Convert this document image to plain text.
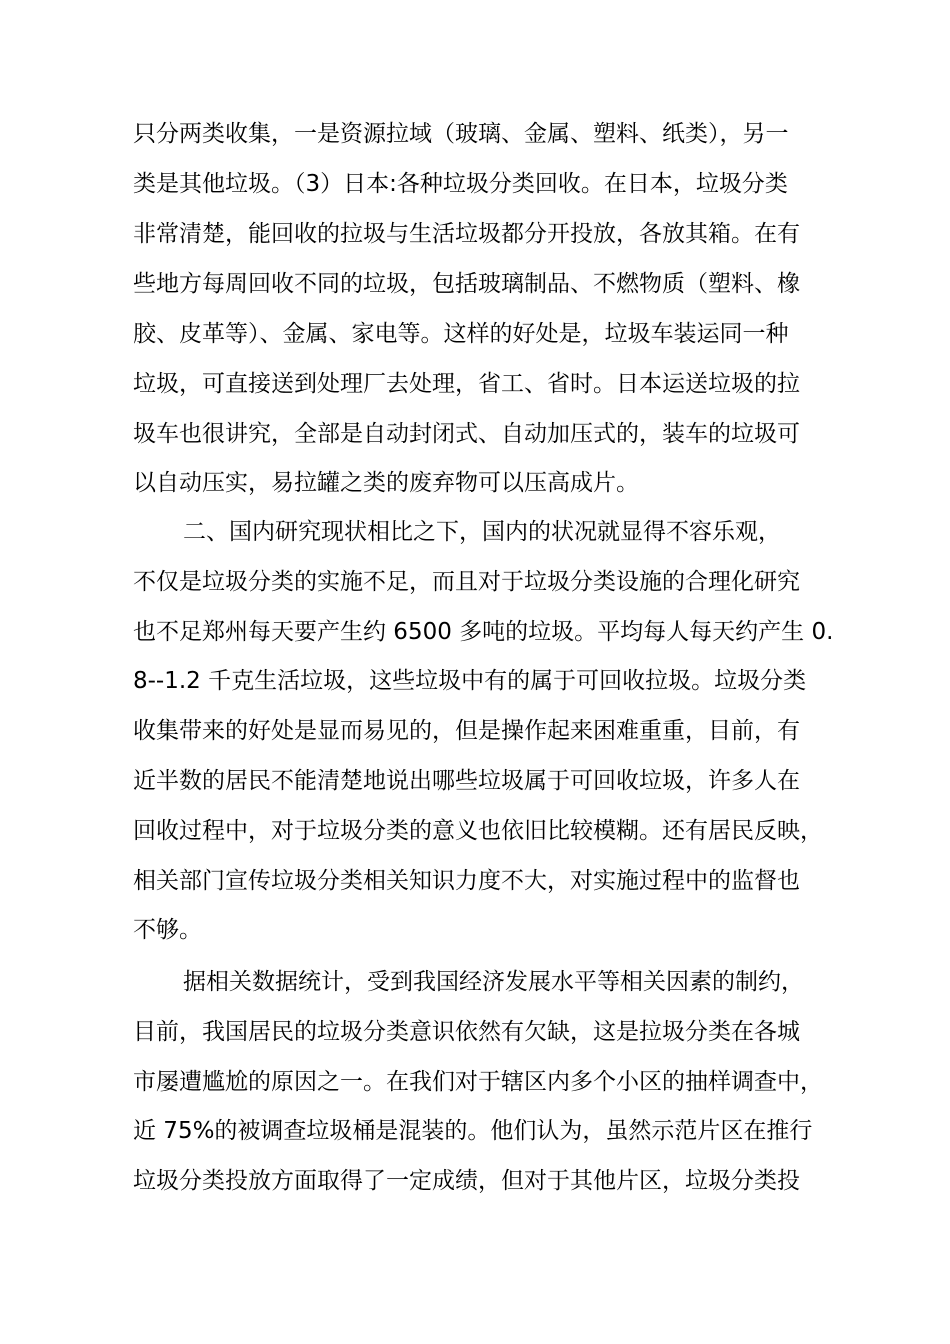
只分两类收集，一是资源拉域（玻璃、金属、塑料、纸类），另一
类是其他垃圾。（3）日本:各种垃圾分类回收。在日本，垃圾分类
非常清楚，能回收的拉圾与生活垃圾都分开投放，各放其箱。在有
些地方每周回收不同的垃圾，包括玻璃制品、不燃物质（塑料、橡
胶、皮革等）、金属、家电等。这样的好处是，垃圾车装运同一种
垃圾，可直接送到处理厂去处理，省工、省时。日本运送垃圾的拉
圾车也很讲究，全部是自动封闭式、自动加压式的，装车的垃圾可
以自动压实，易拉罐之类的废弃物可以压高成片。
二、国内研究现状相比之下，国内的状况就显得不容乐观，
不仅是垃圾分类的实施不足，而且对于垃圾分类设施的合理化研究
也不足郑州每天要产生约 6500 多吨的垃圾。平均每人每天约产生 0.
8--1.2 千克生活垃圾，这些垃圾中有的属于可回收拉圾。垃圾分类
收集带来的好处是显而易见的，但是操作起来困难重重，目前，有
近半数的居民不能清楚地说出哪些垃圾属于可回收垃圾，许多人在
回收过程中，对于垃圾分类的意义也依旧比较模糊。还有居民反映，
相关部门宣传垃圾分类相关知识力度不大，对实施过程中的监督也
不够。
据相关数据统计，受到我国经济发展水平等相关因素的制约，
目前，我国居民的垃圾分类意识依然有欠缺，这是拉圾分类在各城
市屡遭尴尬的原因之一。在我们对于辖区内多个小区的抽样调查中，
近 75%的被调查垃圾桶是混装的。他们认为，虽然示范片区在推行
垃圾分类投放方面取得了一定成绩，但对于其他片区，垃圾分类投
